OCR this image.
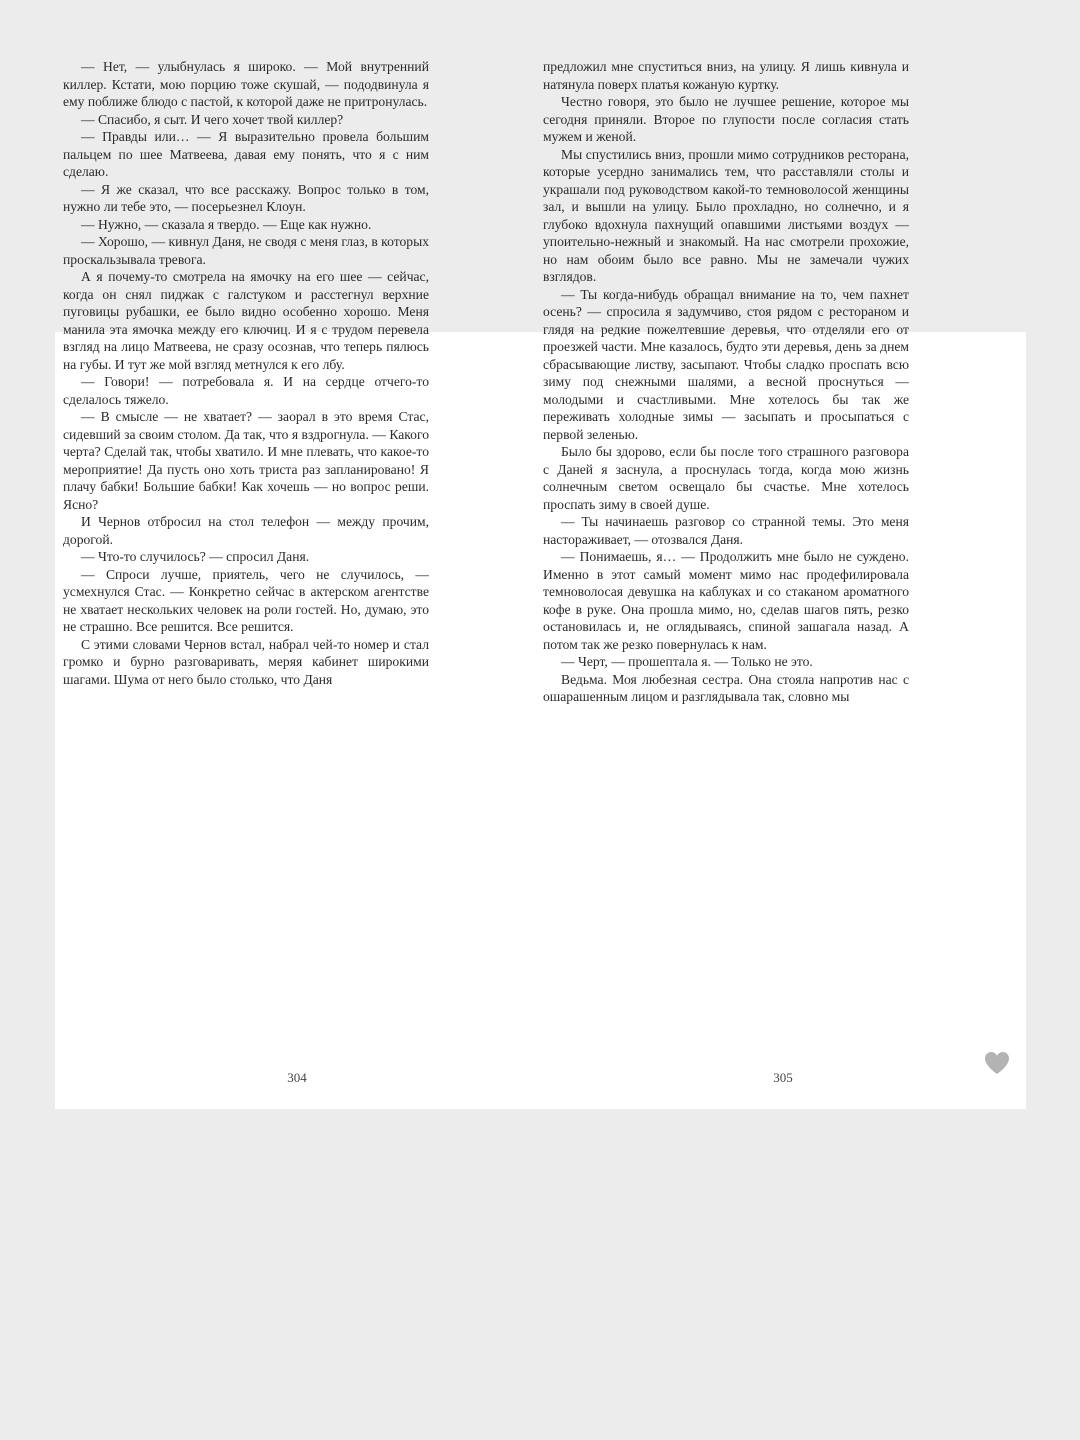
— Нет, — улыбнулась я широко. — Мой внутренний киллер. Кстати, мою порцию тоже скушай, — пододвинула я ему поближе блюдо с пастой, к которой даже не притронулась.

— Спасибо, я сыт. И чего хочет твой киллер?

— Правды или… — Я выразительно провела большим пальцем по шее Матвеева, давая ему понять, что я с ним сделаю.

— Я же сказал, что все расскажу. Вопрос только в том, нужно ли тебе это, — посерьезнел Клоун.

— Нужно, — сказала я твердо. — Еще как нужно.

— Хорошо, — кивнул Даня, не сводя с меня глаз, в которых проскальзывала тревога.

А я почему-то смотрела на ямочку на его шее — сейчас, когда он снял пиджак с галстуком и расстегнул верхние пуговицы рубашки, ее было видно особенно хорошо. Меня манила эта ямочка между его ключиц. И я с трудом перевела взгляд на лицо Матвеева, не сразу осознав, что теперь пялюсь на губы. И тут же мой взгляд метнулся к его лбу.

— Говори! — потребовала я. И на сердце отчего-то сделалось тяжело.

— В смысле — не хватает? — заорал в это время Стас, сидевший за своим столом. Да так, что я вздрогнула. — Какого черта? Сделай так, чтобы хватило. И мне плевать, что какое-то мероприятие! Да пусть оно хоть триста раз запланировано! Я плачу бабки! Большие бабки! Как хочешь — но вопрос реши. Ясно?

И Чернов отбросил на стол телефон — между прочим, дорогой.

— Что-то случилось? — спросил Даня.

— Спроси лучше, приятель, чего не случилось, — усмехнулся Стас. — Конкретно сейчас в актерском агентстве не хватает нескольких человек на роли гостей. Но, думаю, это не страшно. Все решится. Все решится.

С этими словами Чернов встал, набрал чей-то номер и стал громко и бурно разговаривать, меряя кабинет широкими шагами. Шума от него было столько, что Даня

предложил мне спуститься вниз, на улицу. Я лишь кивнула и натянула поверх платья кожаную куртку.

Честно говоря, это было не лучшее решение, которое мы сегодня приняли. Второе по глупости после согласия стать мужем и женой.

Мы спустились вниз, прошли мимо сотрудников ресторана, которые усердно занимались тем, что расставляли столы и украшали под руководством какой-то темноволосой женщины зал, и вышли на улицу. Было прохладно, но солнечно, и я глубоко вдохнула пахнущий опавшими листьями воздух — упоительно-нежный и знакомый. На нас смотрели прохожие, но нам обоим было все равно. Мы не замечали чужих взглядов.

— Ты когда-нибудь обращал внимание на то, чем пахнет осень? — спросила я задумчиво, стоя рядом с рестораном и глядя на редкие пожелтевшие деревья, что отделяли его от проезжей части. Мне казалось, будто эти деревья, день за днем сбрасывающие листву, засыпают. Чтобы сладко проспать всю зиму под снежными шалями, а весной проснуться — молодыми и счастливыми. Мне хотелось бы так же переживать холодные зимы — засыпать и просыпаться с первой зеленью.

Было бы здорово, если бы после того страшного разговора с Даней я заснула, а проснулась тогда, когда мою жизнь солнечным светом освещало бы счастье. Мне хотелось проспать зиму в своей душе.

— Ты начинаешь разговор со странной темы. Это меня настораживает, — отозвался Даня.

— Понимаешь, я… — Продолжить мне было не суждено. Именно в этот самый момент мимо нас продефилировала темноволосая девушка на каблуках и со стаканом ароматного кофе в руке. Она прошла мимо, но, сделав шагов пять, резко остановилась и, не оглядываясь, спиной зашагала назад. А потом так же резко повернулась к нам.

— Черт, — прошептала я. — Только не это.

Ведьма. Моя любезная сестра. Она стояла напротив нас с ошарашенным лицом и разглядывала так, словно мы

304	305
